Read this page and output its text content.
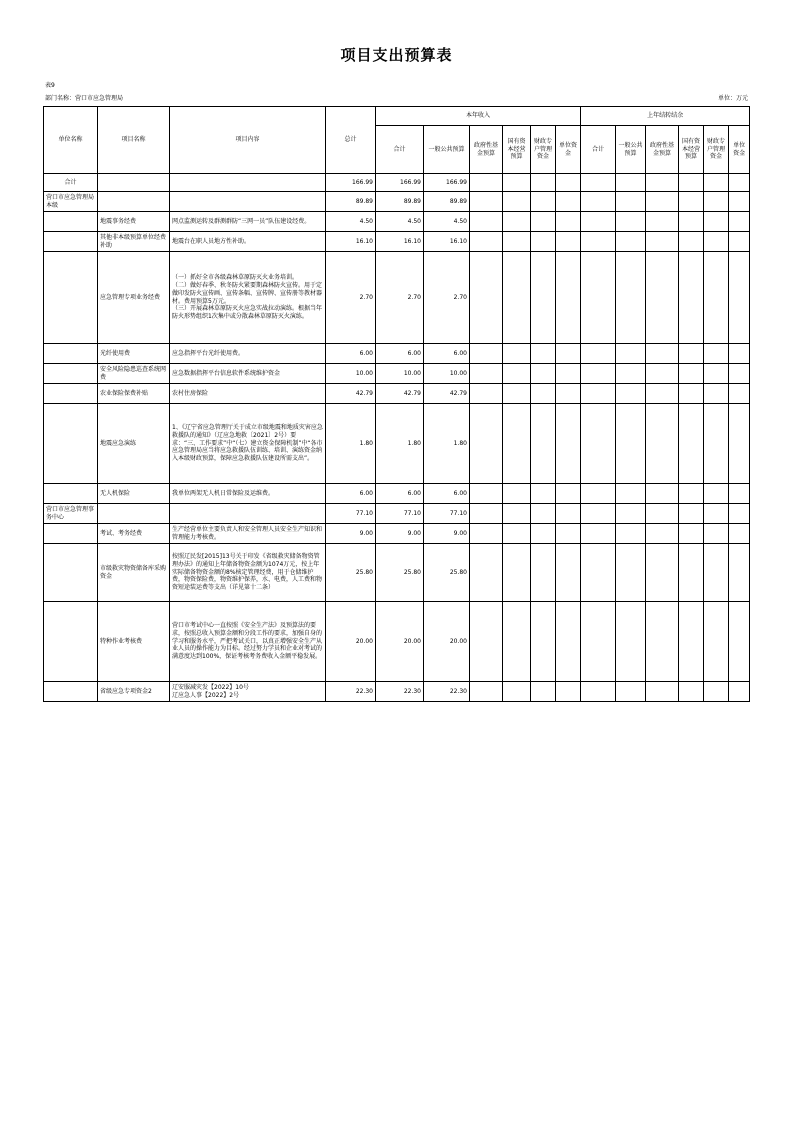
项目支出预算表
表9
部门名称：营口市应急管理局	单位：万元
单位名称	项目名称	项目内容	总计	本年收入						上年结转结余					
				合计	一般公共预算	政府性基金预算	国有资本经营预算	财政专户管理资金	单位资金	合计	一般公共预算	政府性基金预算	国有资本经营预算	财政专户管理资金	单位资金
合计			166.99	166.99	166.99										
营口市应急管理局本级			89.89	89.89	89.89										
	地震事务经费	网点监测运转及群测群防“三网一员”队伍建设经费。	4.50	4.50	4.50										
	其他非本级预算单位经费补助	地震台在职人员地方性补助。	16.10	16.10	16.10										
	应急管理专项业务经费	（一）抓好全市各级森林草原防灭火业务培训。
（二）做好春季、秋冬防火紧要期森林防火宣传。用于定做印发防火宣传画、宣传条幅、宣传牌、宣传册等教材器材。费用预算5万元。
（三）开展森林草原防灭火应急实战拉动演练。根据当年防火形势组织1次集中或分散森林草原防灭火演练。	2.70	2.70	2.70										
	光纤使用费	应急指挥平台光纤使用费。	6.00	6.00	6.00										
	安全风险隐患巡查系统网费	应急数据指挥平台信息软件系统维护资金	10.00	10.00	10.00										
	农业保险保费补贴	农村住房保险	42.79	42.79	42.79										
	地震应急演练	1、《辽宁省应急管理厅关于成立市级地震和地质灾害应急救援队的通知》（辽应急地救〔2021〕2号）要求：“三、工作要求”中“（七）建立资金保障机制”中“各市应急管理局应当将应急救援队伍训练、培训、演练资金纳入本级财政预算，保障应急救援队伍建设所需支出”。	1.80	1.80	1.80										
	无人机保险	我单位两架无人机日常保险及运维费。	6.00	6.00	6.00										
营口市应急管理事务中心			77.10	77.10	77.10										
	考试、考务经费	生产经营单位主要负责人和安全管理人员安全生产知识和管理能力考核费。	9.00	9.00	9.00										
	市级救灾物资储备库采购资金	按照辽民发[2015]13号关于印发《省级救灾储备物资管理办法》的通知上年储备物资金额为1074万元，按上年实际储备物资金额的8%核定管理经费，用于仓储维护费，物资保险费，物资维护保养，水、电费，人工费和物资短途装运费等支出（详见第十二条）	25.80	25.80	25.80										
	特种作业考核费	营口市考试中心一直按照《安全生产法》及预算法的要求，按照总收入预算金额和分段工作的要求，加强自身的学习和服务水平，严把考试关口，以真正增强安全生产从业人员的操作能力为目标。经过努力学员和企业对考试的满意度达到100%，保证考核考务费收入金额平稳发展。	20.00	20.00	20.00										
	省级应急专项资金2	辽安服减灾发【2022】10号
辽应急人事【2022】2号	22.30	22.30	22.30										
